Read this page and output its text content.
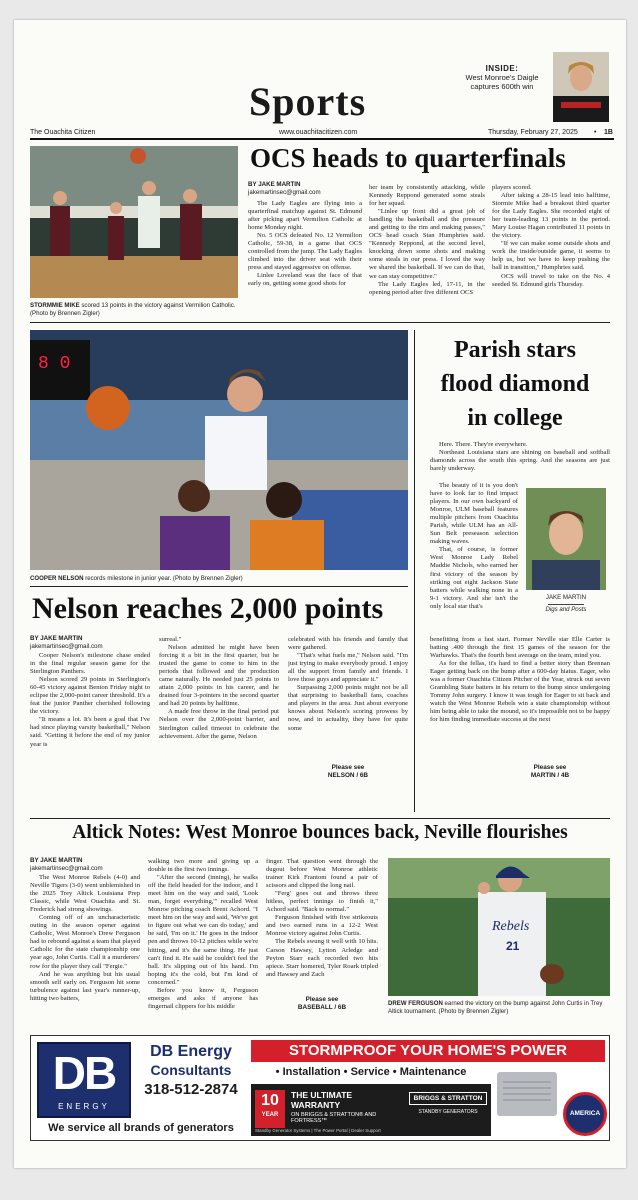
Sports
INSIDE:
West Monroe's Daigle captures 600th win
The Ouachita Citizen	www.ouachitacitizen.com	Thursday, February 27, 2025 • 1B
STORMMIE MIKE scored 13 points in the victory against Vermilion Catholic. (Photo by Brennen Zigler)
OCS heads to quarterfinals
BY JAKE MARTIN
jakemartinsec@gmail.com

The Lady Eagles are flying into a quarterfinal matchup against St. Edmund after picking apart Vermilion Catholic at home Monday night.

No. 5 OCS defeated No. 12 Vermilion Catholic, 59-38, in a game that OCS controlled from the jump. The Lady Eagles climbed into the driver seat with their press and stayed aggressive on offense.

Linlee Loveland was the face of that early on, getting some good shots for

her team by consistently attacking, while Kennedy Reppond generated some steals for her squad.

"Linlee up front did a great job of handling the basketball and the pressure and getting to the rim and making passes," OCS head coach Stan Humphries said. "Kennedy Reppond, at the second level, knocking down some shots and making some steals in our press. I loved the way we shared the basketball. If we can do that, we can stay competitive."

The Lady Eagles led, 17-11, in the opening period after five different OCS

players scored.

After taking a 28-15 lead into halftime, Stormie Mike had a breakout third quarter for the Lady Eagles. She recorded eight of her team-leading 13 points in the period. Mary Louise Hagan contributed 11 points in the victory.

"If we can make some outside shots and work the inside/outside game, it seems to help us, but we have to keep pushing the ball in transition," Humphries said.

OCS will travel to take on the No. 4 seeded St. Edmund girls Thursday.

8 0
COOPER NELSON records milestone in junior year. (Photo by Brennen Zigler)
Nelson reaches 2,000 points
BY JAKE MARTIN
jakemartinsec@gmail.com

Cooper Nelson's milestone chase ended in the final regular season game for the Sterlington Panthers.

Nelson scored 29 points in Sterlington's 60-45 victory against Benton Friday night to eclipse the 2,000-point career threshold. It's a feat the junior Panther cherished following the victory.

"It means a lot. It's been a goal that I've had since playing varsity basketball," Nelson said. "Getting it before the end of my junior year is

surreal."

Nelson admitted he might have been forcing it a bit in the first quarter, but he trusted the game to come to him in the periods that followed and the production came naturally. He needed just 25 points to attain 2,000 points in his career, and he drained four 3-pointers in the second quarter and had 20 points by halftime.

A made free throw in the final period put Nelson over the 2,000-point barrier, and Sterlington called timeout to celebrate the achievement. After the game, Nelson

celebrated with his friends and family that were gathered.

"That's what fuels me," Nelson said. "I'm just trying to make everybody proud. I enjoy all the support from family and friends. I love those guys and appreciate it."

Surpassing 2,000 points might not be all that surprising to basketball fans, coaches and players in the area. Just about everyone knows about Nelson's scoring prowess by now, and in actuality, they have for quite some

Please see
NELSON / 6B
Parish stars
flood diamond
in college

Here. There. They're everywhere.

Northeast Louisiana stars are shining on baseball and softball diamonds across the south this spring. And the seasons are just barely underway.

The beauty of it is you don't have to look far to find impact players. In our own backyard of Monroe, ULM baseball features multiple pitchers from Ouachita Parish, while ULM has an All-Sun Belt preseason selection making waves.

That, of course, is former West Monroe Lady Rebel Maddie Nichols, who earned her first victory of the season by striking out eight Jackson State batters while walking none in a 9-1 victory. And she isn't the only local star that's

JAKE MARTIN
Digs and Posts

benefitting from a fast start. Former Neville star Elle Carter is batting .400 through the first 15 games of the season for the Warhawks. That's the fourth best average on the team, mind you.

As for the fellas, it's hard to find a better story than Brennan Eager getting back on the bump after a 600-day hiatus. Eager, who was a former Ouachita Citizen Pitcher of the Year, struck out seven Grambling State batters in his return to the bump since undergoing Tommy John surgery. I know it was tough for Eager to sit back and watch the West Monroe Rebels win a state championship without him being able to take the mound, so it's impossible not to be happy for him finding immediate success at the next

Please see
MARTIN / 4B
Altick Notes: West Monroe bounces back, Neville flourishes
BY JAKE MARTIN
jakemartinsec@gmail.com

The West Monroe Rebels (4-0) and Neville Tigers (3-0) went unblemished in the 2025 Trey Altick Louisiana Prep Classic, while West Ouachita and St. Frederick had strong showings.

Coming off of an uncharacteristic outing in the season opener against Catholic, West Monroe's Drew Ferguson had to rebound against a team that played Catholic for the state championship one year ago, John Curtis. Call it a murderers' row for the player they call "Fergie."

And he was anything but his usual smooth self early on. Ferguson hit some turbulence against last year's runner-up, hitting two batters,

walking two more and giving up a double in the first two innings.

"After the second (inning), he walks off the field headed for the indoor, and I meet him on the way and said, 'Look man, forget everything,'" recalled West Monroe pitching coach Brent Achord. "I meet him on the way and said, 'We've got to figure out what we can do today,' and he said, 'I'm on it.' He goes in the indoor pen and throws 10-12 pitches while we're hitting, and it's the same thing. He just can't find it. He said he couldn't feel the ball. It's slipping out of his hand. I'm hoping it's the cold, but I'm kind of concerned."

Before you know it, Ferguson emerges and asks if anyone has fingernail clippers for his middle

finger. That question went through the dugout before West Monroe athletic trainer Kirk Frantom found a pair of scissors and clipped the long nail.

"Ferg' goes out and throws three hitless, perfect innings to finish it," Achord said. "Back to normal."

Ferguson finished with five strikeouts and two earned runs in a 12-2 West Monroe victory against John Curtis.

The Rebels swung it well with 10 hits. Carson Hawsey, Lytton Arledge and Peyton Starr each recorded two hits apiece. Starr homered, Tyler Roark tripled and Hawsey and Zach

Please see
BASEBALL / 6B
Rebels
21
DREW FERGUSON earned the victory on the bump against John Curtis in Trey Altick tournament. (Photo by Brennen Zigler)
DB
ENERGY
DB Energy
Consultants
318-512-2874
We service all brands of generators
STORMPROOF YOUR HOME'S POWER
• Installation • Service • Maintenance
10
YEAR
THE ULTIMATE WARRANTY
ON BRIGGS & STRATTON® AND FORTRESS™
Standby Generator Systems | The Power Portal | Dealer Support
BRIGGS & STRATTON
STANDBY GENERATORS	AMERICA
